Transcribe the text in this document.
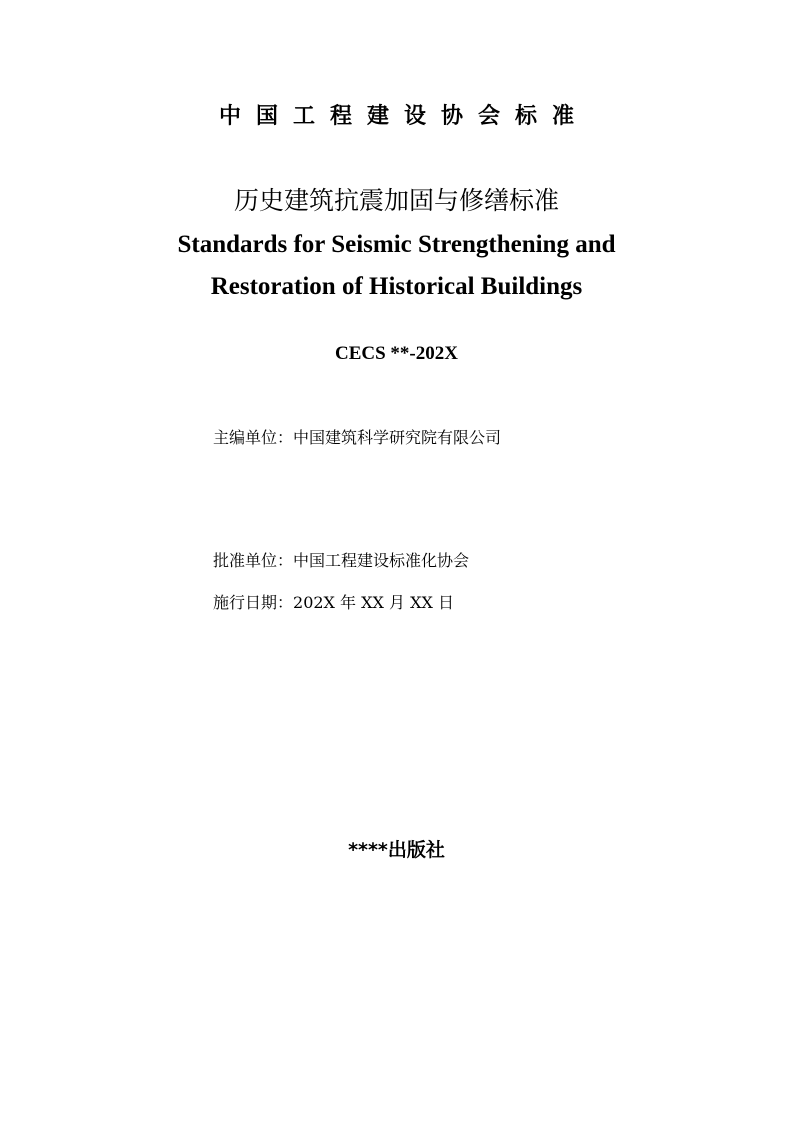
中国工程建设协会标准
历史建筑抗震加固与修缮标准
Standards for Seismic Strengthening and
Restoration of Historical Buildings
CECS **-202X
主编单位：中国建筑科学研究院有限公司
批准单位：中国工程建设标准化协会
施行日期：202X 年 XX 月 XX 日
****出版社
